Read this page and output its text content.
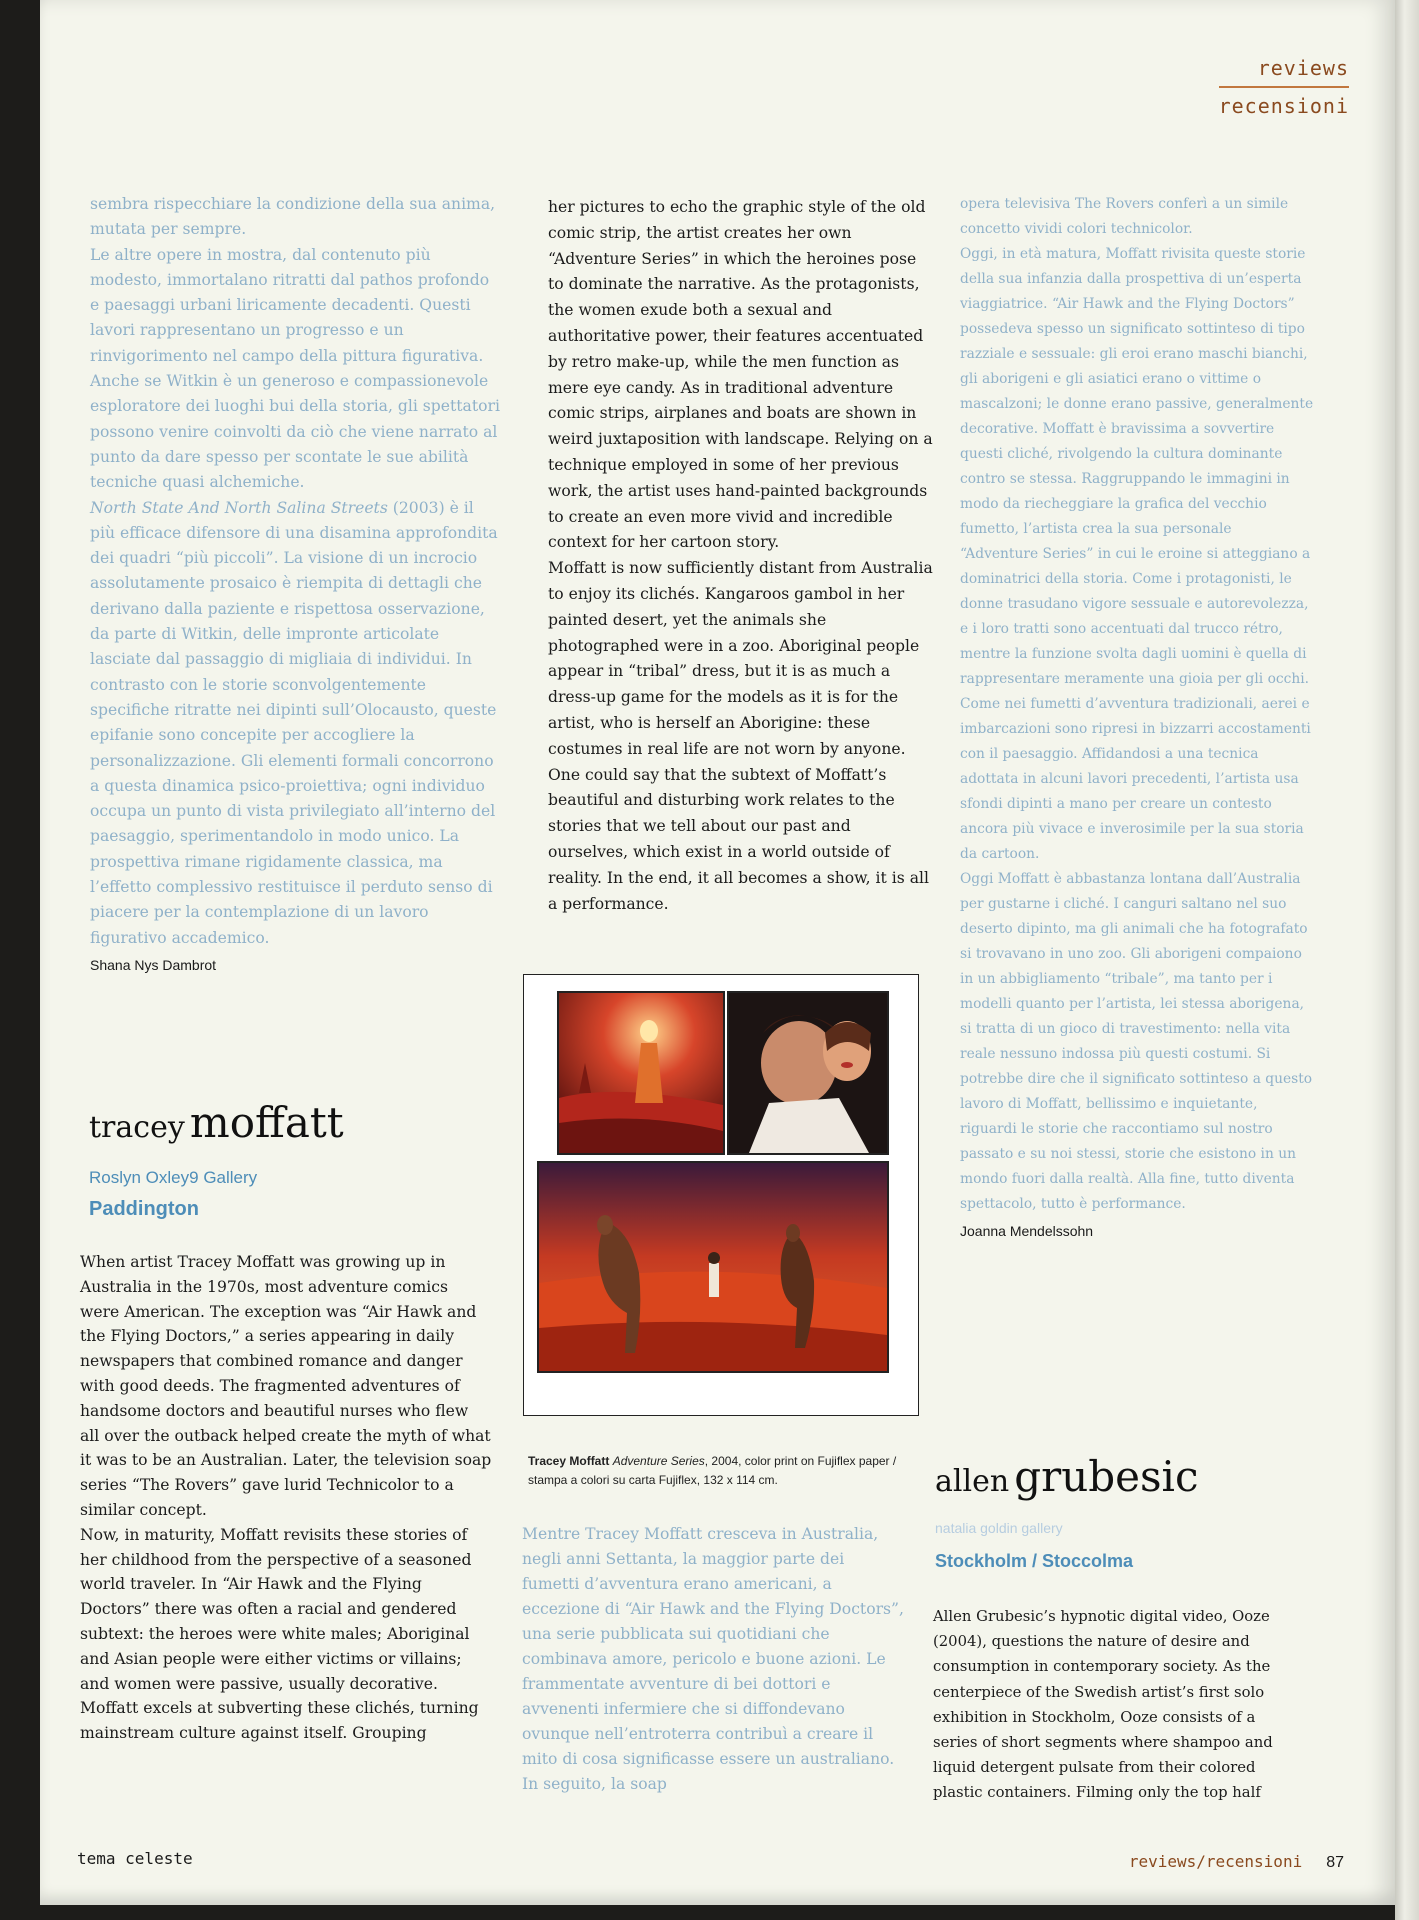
reviews
recensioni

sembra rispecchiare la condizione della sua anima, mutata per sempre.

Le altre opere in mostra, dal contenuto più modesto, immortalano ritratti dal pathos profondo e paesaggi urbani liricamente decadenti. Questi lavori rappresentano un progresso e un rinvigorimento nel campo della pittura figurativa. Anche se Witkin è un generoso e compassionevole esploratore dei luoghi bui della storia, gli spettatori possono venire coinvolti da ciò che viene narrato al punto da dare spesso per scontate le sue abilità tecniche quasi alchemiche.

North State And North Salina Streets (2003) è il più efficace difensore di una disamina approfondita dei quadri “più piccoli”. La visione di un incrocio assolutamente prosaico è riempita di dettagli che derivano dalla paziente e rispettosa osservazione, da parte di Witkin, delle impronte articolate lasciate dal passaggio di migliaia di individui. In contrasto con le storie sconvolgentemente specifiche ritratte nei dipinti sull’Olocausto, queste epifanie sono concepite per accogliere la personalizzazione. Gli elementi formali concorrono a questa dinamica psico-proiettiva; ogni individuo occupa un punto di vista privilegiato all’interno del paesaggio, sperimentandolo in modo unico. La prospettiva rimane rigidamente classica, ma l’effetto complessivo restituisce il perduto senso di piacere per la contemplazione di un lavoro figurativo accademico.

Shana Nys Dambrot
tracey moffatt
Roslyn Oxley9 Gallery
Paddington

When artist Tracey Moffatt was growing up in Australia in the 1970s, most adventure comics were American. The exception was “Air Hawk and the Flying Doctors,” a series appearing in daily newspapers that combined romance and danger with good deeds. The fragmented adventures of handsome doctors and beautiful nurses who flew all over the outback helped create the myth of what it was to be an Australian. Later, the television soap series “The Rovers” gave lurid Technicolor to a similar concept.

Now, in maturity, Moffatt revisits these stories of her childhood from the perspective of a seasoned world traveler. In “Air Hawk and the Flying Doctors” there was often a racial and gendered subtext: the heroes were white males; Aboriginal and Asian people were either victims or villains; and women were passive, usually decorative. Moffatt excels at subverting these clichés, turning mainstream culture against itself. Grouping

her pictures to echo the graphic style of the old comic strip, the artist creates her own “Adventure Series” in which the heroines pose to dominate the narrative. As the protagonists, the women exude both a sexual and authoritative power, their features accentuated by retro make-up, while the men function as mere eye candy. As in traditional adventure comic strips, airplanes and boats are shown in weird juxtaposition with landscape. Relying on a technique employed in some of her previous work, the artist uses hand-painted backgrounds to create an even more vivid and incredible context for her cartoon story.

Moffatt is now sufficiently distant from Australia to enjoy its clichés. Kangaroos gambol in her painted desert, yet the animals she photographed were in a zoo. Aboriginal people appear in “tribal” dress, but it is as much a dress-up game for the models as it is for the artist, who is herself an Aborigine: these costumes in real life are not worn by anyone. One could say that the subtext of Moffatt’s beautiful and disturbing work relates to the stories that we tell about our past and ourselves, which exist in a world outside of reality. In the end, it all becomes a show, it is all a performance.

Tracey Moffatt Adventure Series, 2004, color print on Fujiflex paper / stampa a colori su carta Fujiflex, 132 x 114 cm.

Mentre Tracey Moffatt cresceva in Australia, negli anni Settanta, la maggior parte dei fumetti d’avventura erano americani, a eccezione di “Air Hawk and the Flying Doctors”, una serie pubblicata sui quotidiani che combinava amore, pericolo e buone azioni. Le frammentate avventure di bei dottori e avvenenti infermiere che si diffondevano ovunque nell’entroterra contribuì a creare il mito di cosa significasse essere un australiano. In seguito, la soap

opera televisiva The Rovers conferì a un simile concetto vividi colori technicolor.

Oggi, in età matura, Moffatt rivisita queste storie della sua infanzia dalla prospettiva di un’esperta viaggiatrice. “Air Hawk and the Flying Doctors” possedeva spesso un significato sottinteso di tipo razziale e sessuale: gli eroi erano maschi bianchi, gli aborigeni e gli asiatici erano o vittime o mascalzoni; le donne erano passive, generalmente decorative. Moffatt è bravissima a sovvertire questi cliché, rivolgendo la cultura dominante contro se stessa. Raggruppando le immagini in modo da riecheggiare la grafica del vecchio fumetto, l’artista crea la sua personale “Adventure Series” in cui le eroine si atteggiano a dominatrici della storia. Come i protagonisti, le donne trasudano vigore sessuale e autorevolezza, e i loro tratti sono accentuati dal trucco rétro, mentre la funzione svolta dagli uomini è quella di rappresentare meramente una gioia per gli occhi. Come nei fumetti d’avventura tradizionali, aerei e imbarcazioni sono ripresi in bizzarri accostamenti con il paesaggio. Affidandosi a una tecnica adottata in alcuni lavori precedenti, l’artista usa sfondi dipinti a mano per creare un contesto ancora più vivace e inverosimile per la sua storia da cartoon.

Oggi Moffatt è abbastanza lontana dall’Australia per gustarne i cliché. I canguri saltano nel suo deserto dipinto, ma gli animali che ha fotografato si trovavano in uno zoo. Gli aborigeni compaiono in un abbigliamento “tribale”, ma tanto per i modelli quanto per l’artista, lei stessa aborigena, si tratta di un gioco di travestimento: nella vita reale nessuno indossa più questi costumi. Si potrebbe dire che il significato sottinteso a questo lavoro di Moffatt, bellissimo e inquietante, riguardi le storie che raccontiamo sul nostro passato e su noi stessi, storie che esistono in un mondo fuori dalla realtà. Alla fine, tutto diventa spettacolo, tutto è performance.

Joanna Mendelssohn
allen grubesic
natalia goldin gallery
Stockholm / Stoccolma

Allen Grubesic’s hypnotic digital video, Ooze (2004), questions the nature of desire and consumption in contemporary society. As the centerpiece of the Swedish artist’s first solo exhibition in Stockholm, Ooze consists of a series of short segments where shampoo and liquid detergent pulsate from their colored plastic containers. Filming only the top half

tema celeste	reviews/recensioni 87
